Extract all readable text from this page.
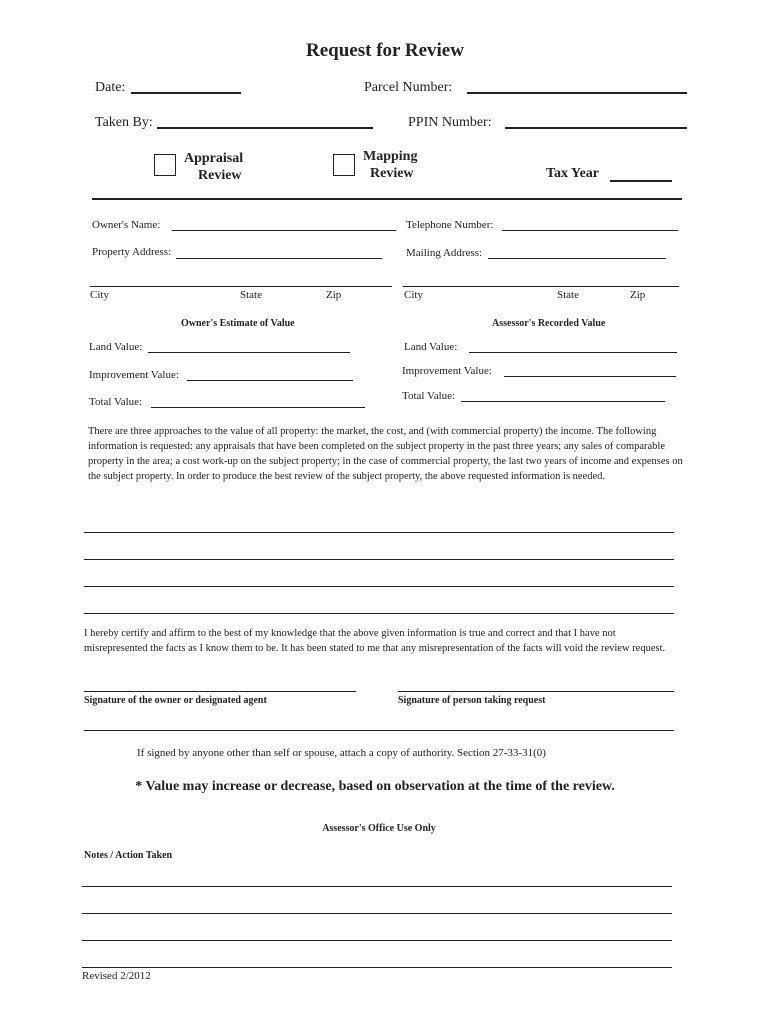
Request for Review
Date:	Parcel Number:
Taken By:	PPIN Number:
Appraisal
Review
Mapping
Review	Tax Year
Owner's Name:	Telephone Number:
Property Address:	Mailing Address:
City	State	Zip	City	State	Zip
Owner's Estimate of Value	Assessor's Recorded Value
Land Value:	Land Value:
Improvement Value:	Improvement Value:
Total Value:	Total Value:
There are three approaches to the value of all property: the market, the cost, and (with commercial property) the income. The following information is requested: any appraisals that have been completed on the subject property in the past three years; any sales of comparable property in the area; a cost work-up on the subject property; in the case of commercial property, the last two years of income and expenses on the subject property. In order to produce the best review of the subject property, the above requested information is needed.
I hereby certify and affirm to the best of my knowledge that the above given information is true and correct and that I have not misrepresented the facts as I know them to be. It has been stated to me that any misrepresentation of the facts will void the review request.
Signature of the owner or designated agent	Signature of person taking request
If signed by anyone other than self or spouse, attach a copy of authority. Section 27-33-31(0)
* Value may increase or decrease, based on observation at the time of the review.
Assessor's Office Use Only
Notes / Action Taken
Revised 2/2012
